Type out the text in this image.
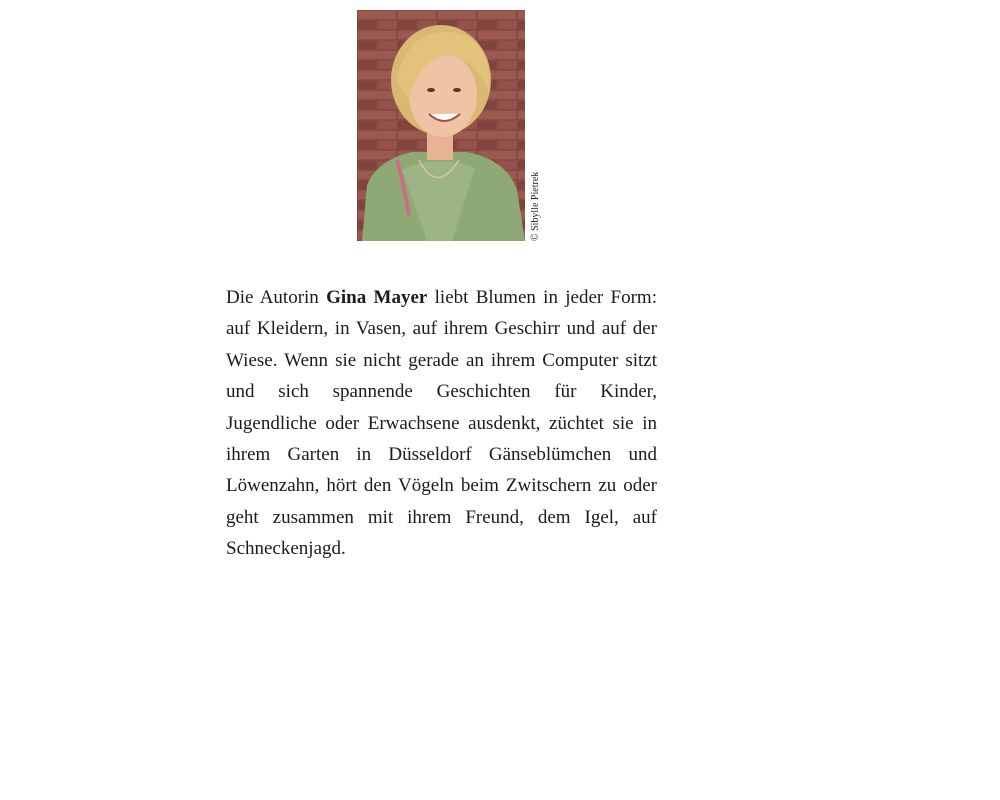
© Sibylle Pietrek

Die Autorin Gina Mayer liebt Blumen in jeder Form: auf Kleidern, in Vasen, auf ihrem Geschirr und auf der Wiese. Wenn sie nicht gerade an ihrem Computer sitzt und sich spannende Geschichten für Kinder, Jugendliche oder Erwachsene ausdenkt, züchtet sie in ihrem Garten in Düsseldorf Gänseblümchen und Löwenzahn, hört den Vögeln beim Zwitschern zu oder geht zusammen mit ihrem Freund, dem Igel, auf Schneckenjagd.
